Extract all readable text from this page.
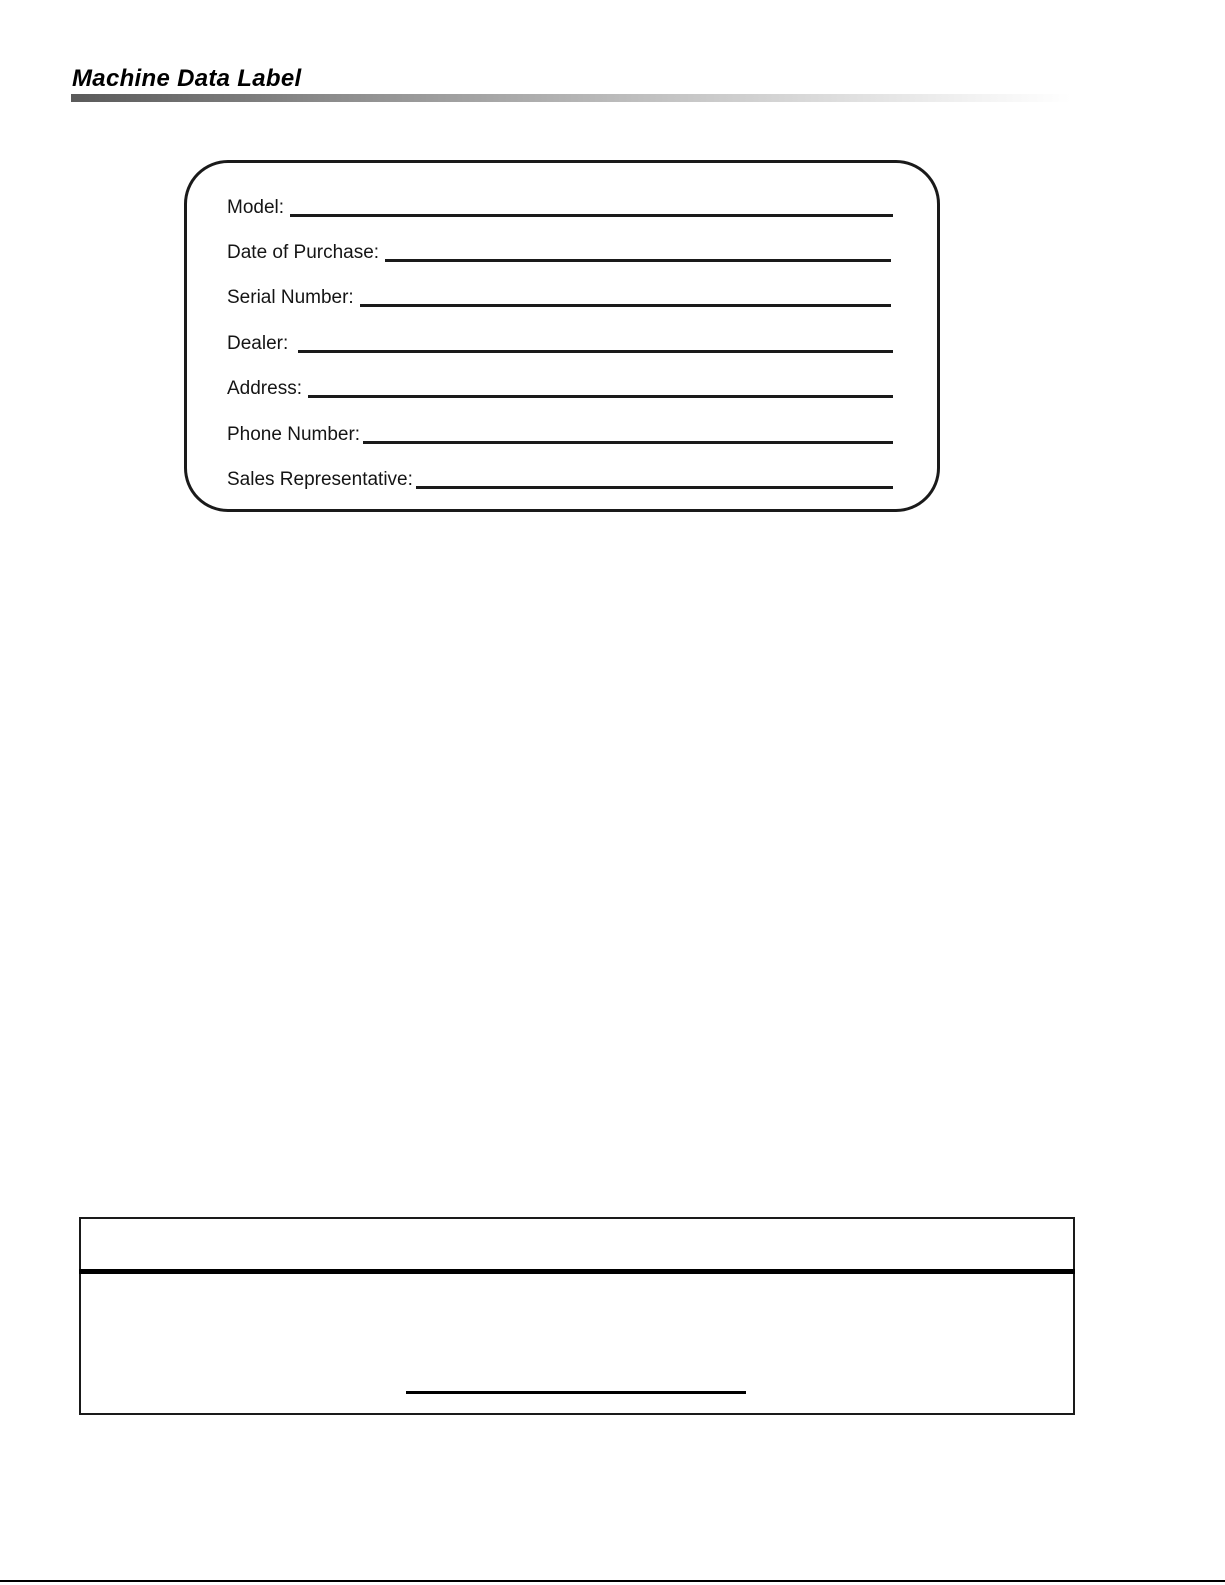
Machine Data Label
Model:
Date of Purchase:
Serial Number:
Dealer:
Address:
Phone Number:
Sales Representative:
